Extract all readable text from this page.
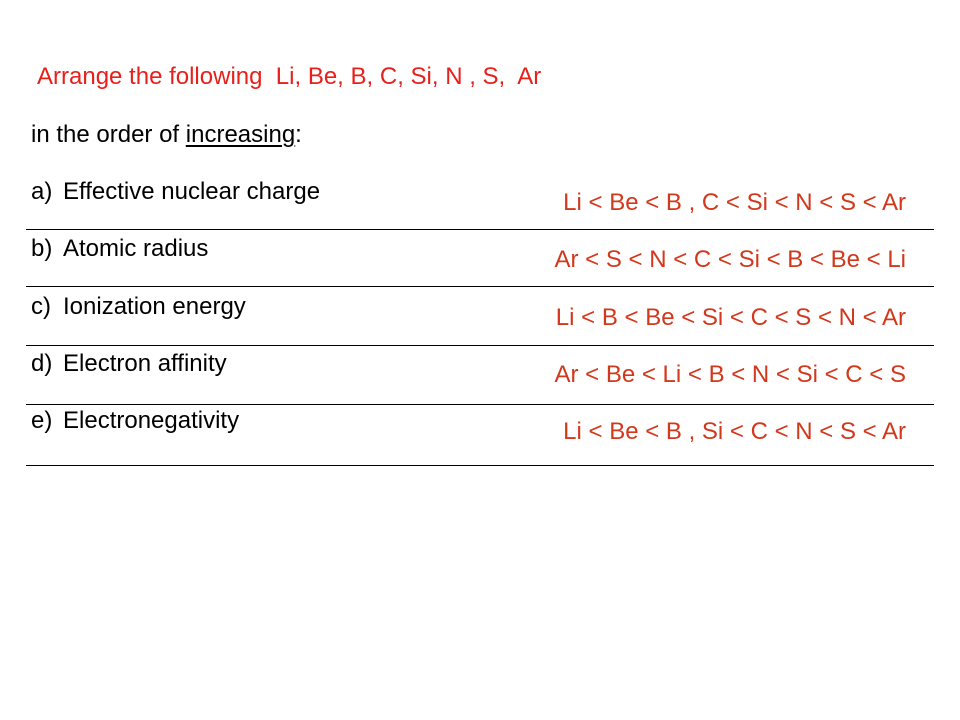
Arrange the following  Li, Be, B, C, Si, N , S,  Ar
in the order of increasing:
a) Effective nuclear charge	Li < Be < B , C < Si < N < S < Ar
b) Atomic radius	Ar < S < N < C < Si < B < Be < Li
c) Ionization energy	Li < B < Be < Si < C < S < N < Ar
d) Electron affinity	Ar < Be < Li < B < N < Si < C < S
e) Electronegativity	Li < Be < B , Si < C < N < S < Ar
